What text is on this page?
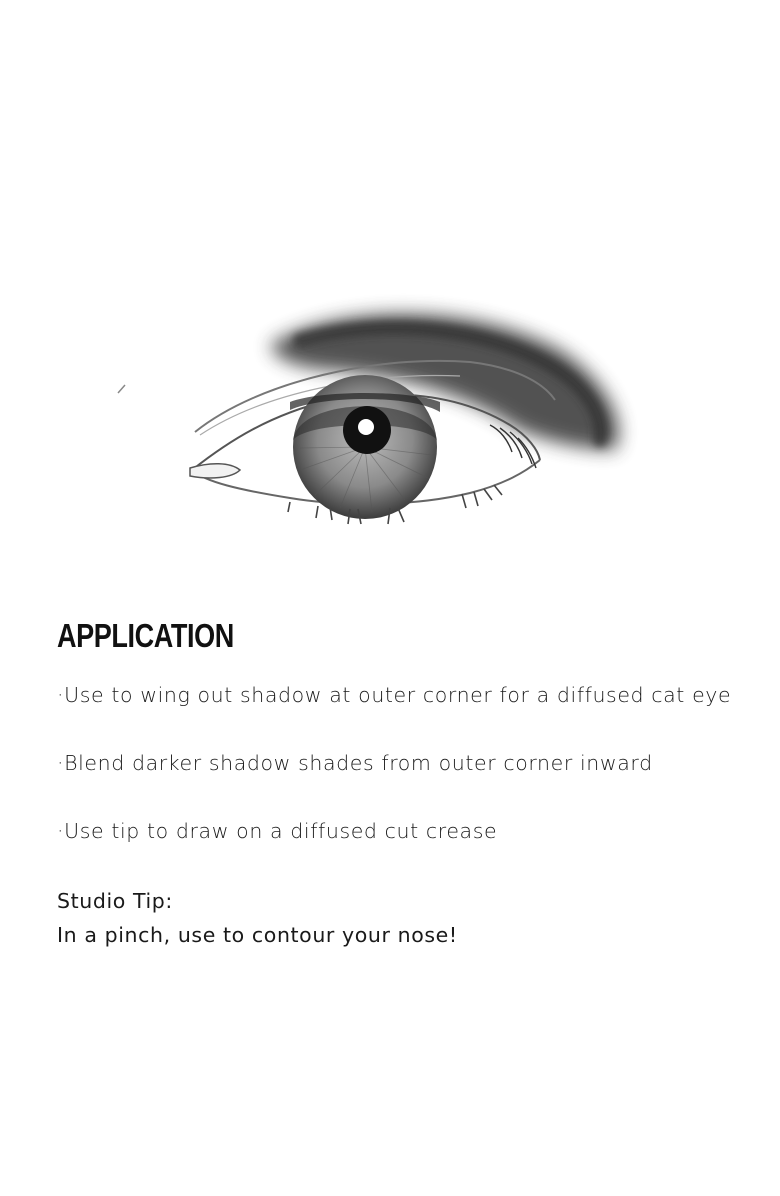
APPLICATION
·Use to wing out shadow at outer corner for a diffused cat eye
·Blend darker shadow shades from outer corner inward
·Use tip to draw on a diffused cut crease
Studio Tip:
In a pinch, use to contour your nose!
